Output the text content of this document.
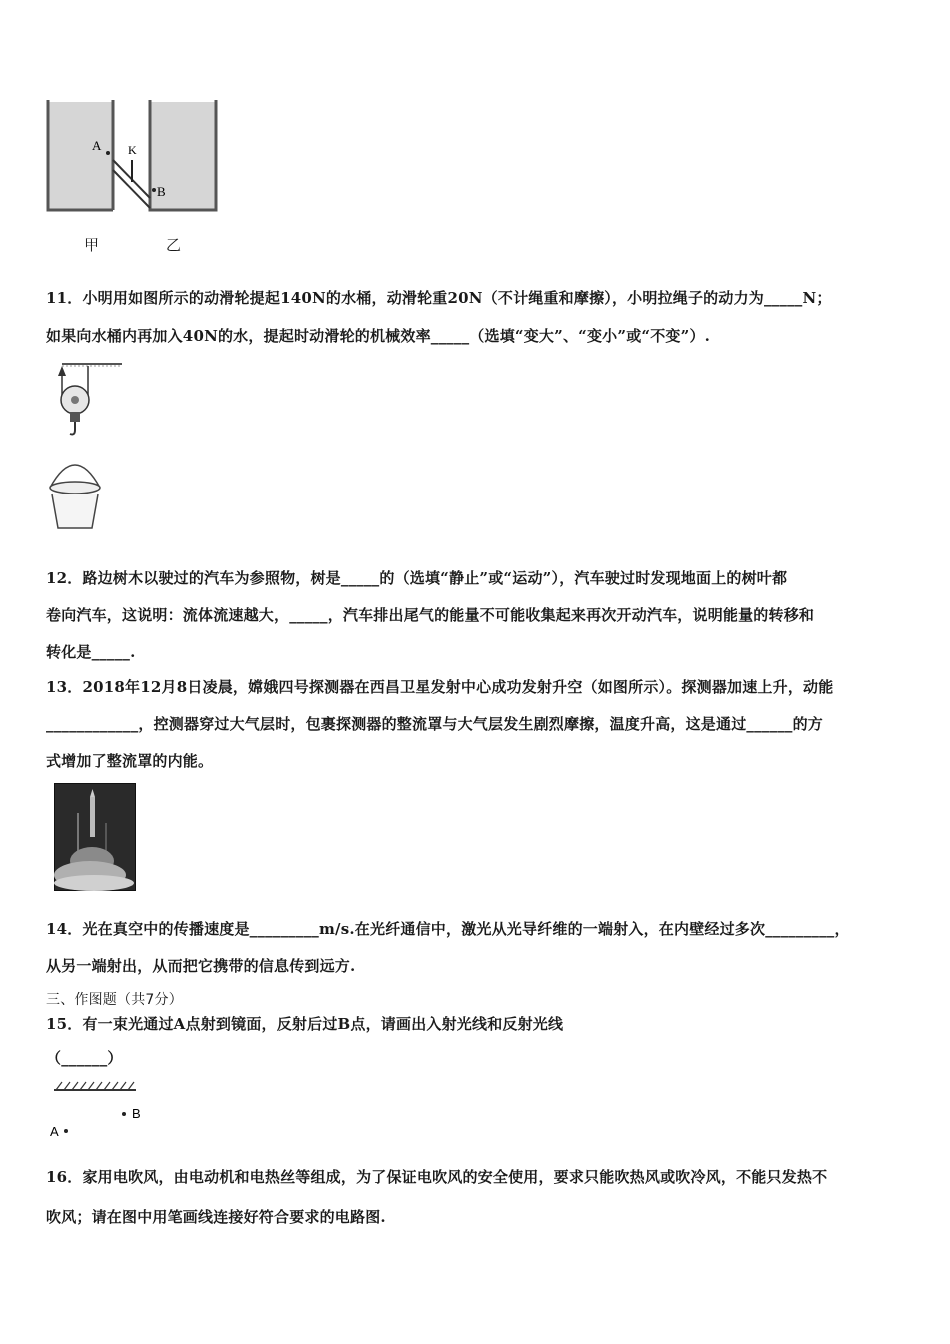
A K
B
甲	乙
11．小明用如图所示的动滑轮提起140N的水桶，动滑轮重20N（不计绳重和摩擦），小明拉绳子的动力为_____N；
如果向水桶内再加入40N的水，提起时动滑轮的机械效率_____（选填“变大”、“变小”或“不变”）.
12．路边树木以驶过的汽车为参照物，树是_____的（选填“静止”或“运动”），汽车驶过时发现地面上的树叶都
卷向汽车，这说明：流体流速越大，_____，汽车排出尾气的能量不可能收集起来再次开动汽车，说明能量的转移和
转化是_____.
13．2018年12月8日凌晨，嫦娥四号探测器在西昌卫星发射中心成功发射升空（如图所示）。探测器加速上升，动能
____________，控测器穿过大气层时，包裹探测器的整流罩与大气层发生剧烈摩擦，温度升高，这是通过______的方
式增加了整流罩的内能。
14．光在真空中的传播速度是_________m/s.在光纤通信中，激光从光导纤维的一端射入，在内壁经过多次_________，
从另一端射出，从而把它携带的信息传到远方.
三、作图题（共7分）
15．有一束光通过A点射到镜面，反射后过B点，请画出入射光线和反射光线
（______）
B
A
16．家用电吹风，由电动机和电热丝等组成，为了保证电吹风的安全使用，要求只能吹热风或吹冷风，不能只发热不
吹风；请在图中用笔画线连接好符合要求的电路图.
